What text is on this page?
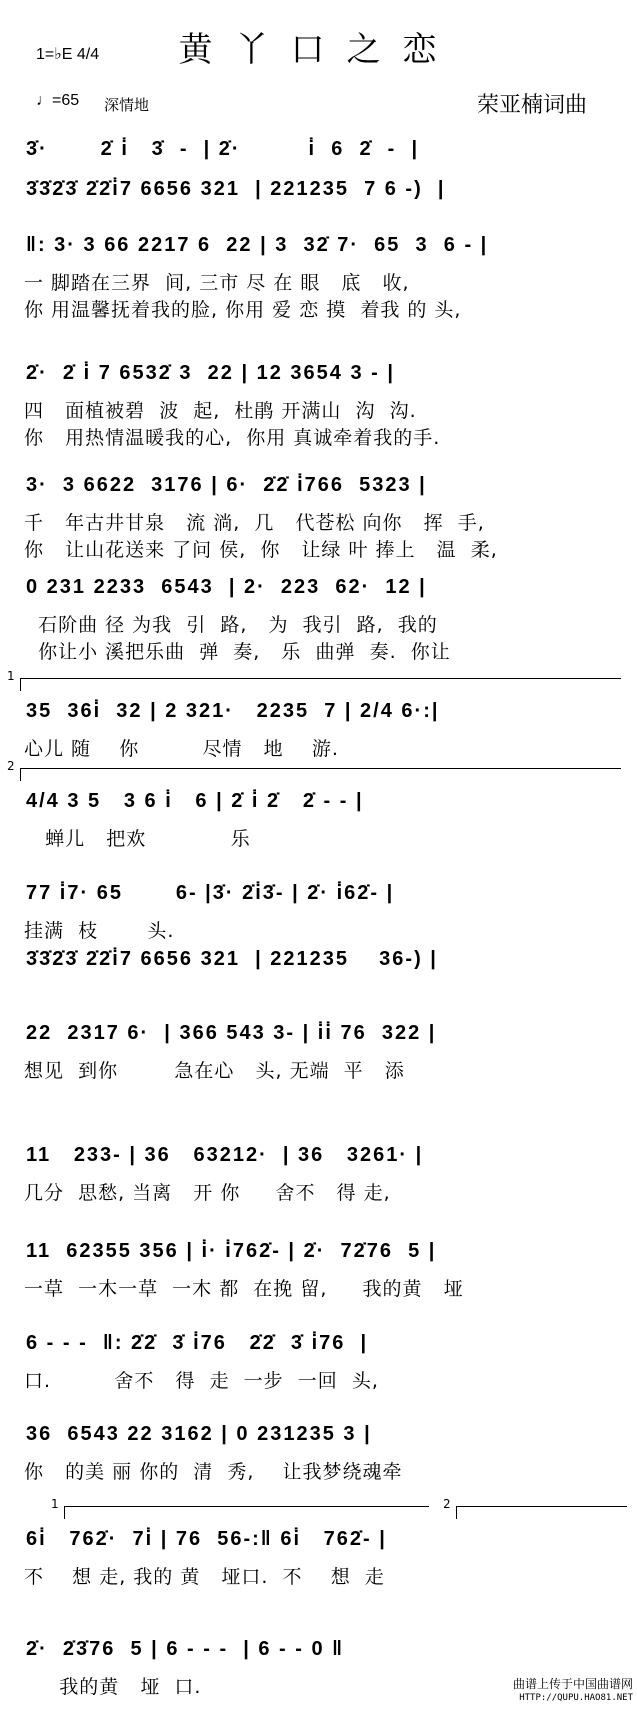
黄丫口之恋
1=♭E 4/4
♩=65 深情地	荣亚楠词曲
3̇·       2̇ i̇   3̇  -  | 2̇·         i̇  6  2̇  -  |
3̇3̇2̇3̇ 2̇2̇i̇7 6656 321  | 221235  7 6 -)  |
‖: 3· 3 66 2217 6  22 | 3  32̇ 7·  65  3  6 - |
一 脚踏在三界  间, 三市 尽 在 眼   底   收,
你 用温馨抚着我的脸, 你用 爱 恋 摸  着我 的 头,
2̇·  2̇ i̇ 7 6532̇ 3  22 | 12 3654 3 - |
四   面植被碧  波  起,  杜鹃 开满山  沟  沟.
你   用热情温暖我的心,  你用 真诚牵着我的手.
3·  3 6622  3176 | 6·  2̇2̇ i̇766  5323 |
千   年古井甘泉   流 淌,  几   代苍松 向你   挥  手,
你   让山花送来 了问 侯,  你   让绿 叶 捧上   温  柔,
0 231 2233  6543  | 2·  223  62·  12 |
石阶曲 径 为我  引  路,   为  我引  路,  我的
你让小 溪把乐曲  弹  奏,   乐  曲弹  奏.  你让
35  36i̇  32 | 2 321·   2235  7 | 2/4 6·:|
心儿 随    你         尽情   地    游.
1
4/4 3 5   3 6 i̇   6 | 2̇ i̇ 2̇   2̇ - - |
蝉儿   把欢            乐
2
77 i̇7· 65       6- |3̇· 2̇i̇3̇- | 2̇· i̇62̇- |
挂满  枝       头.
3̇3̇2̇3̇ 2̇2̇i̇7 6656 321  | 221235    36-) |
22  2317 6·  | 366 543 3- | i̇i̇ 76  322 |
想见  到你        急在心   头, 无端  平   添
11   233- | 36   63212·  | 36   3261· |
几分  思愁, 当离   开 你     舍不   得 走,
11  62355 356 | i̇· i̇762̇- | 2̇·  72̇76  5 |
一草  一木一草  一木 都  在挽 留,     我的黄   垭
6 - - -  ‖: 2̇2̇  3̇ i̇76   2̇2̇  3̇ i̇76  |
口.         舍不   得  走  一步  一回  头,
36  6543 22 3162 | 0 231235 3 |
你   的美 丽 你的  清  秀,    让我梦绕魂牵
6i̇   762̇·  7i̇ | 76  56-:‖ 6i̇   762̇- |
不    想 走, 我的 黄   垭口.  不    想  走
1	2
2̇·  2̇3̇76  5 | 6 - - -  | 6 - - 0 ‖
我的黄   垭  口.	曲谱上传于中国曲谱网
HTTP://QUPU.HAO81.NET
